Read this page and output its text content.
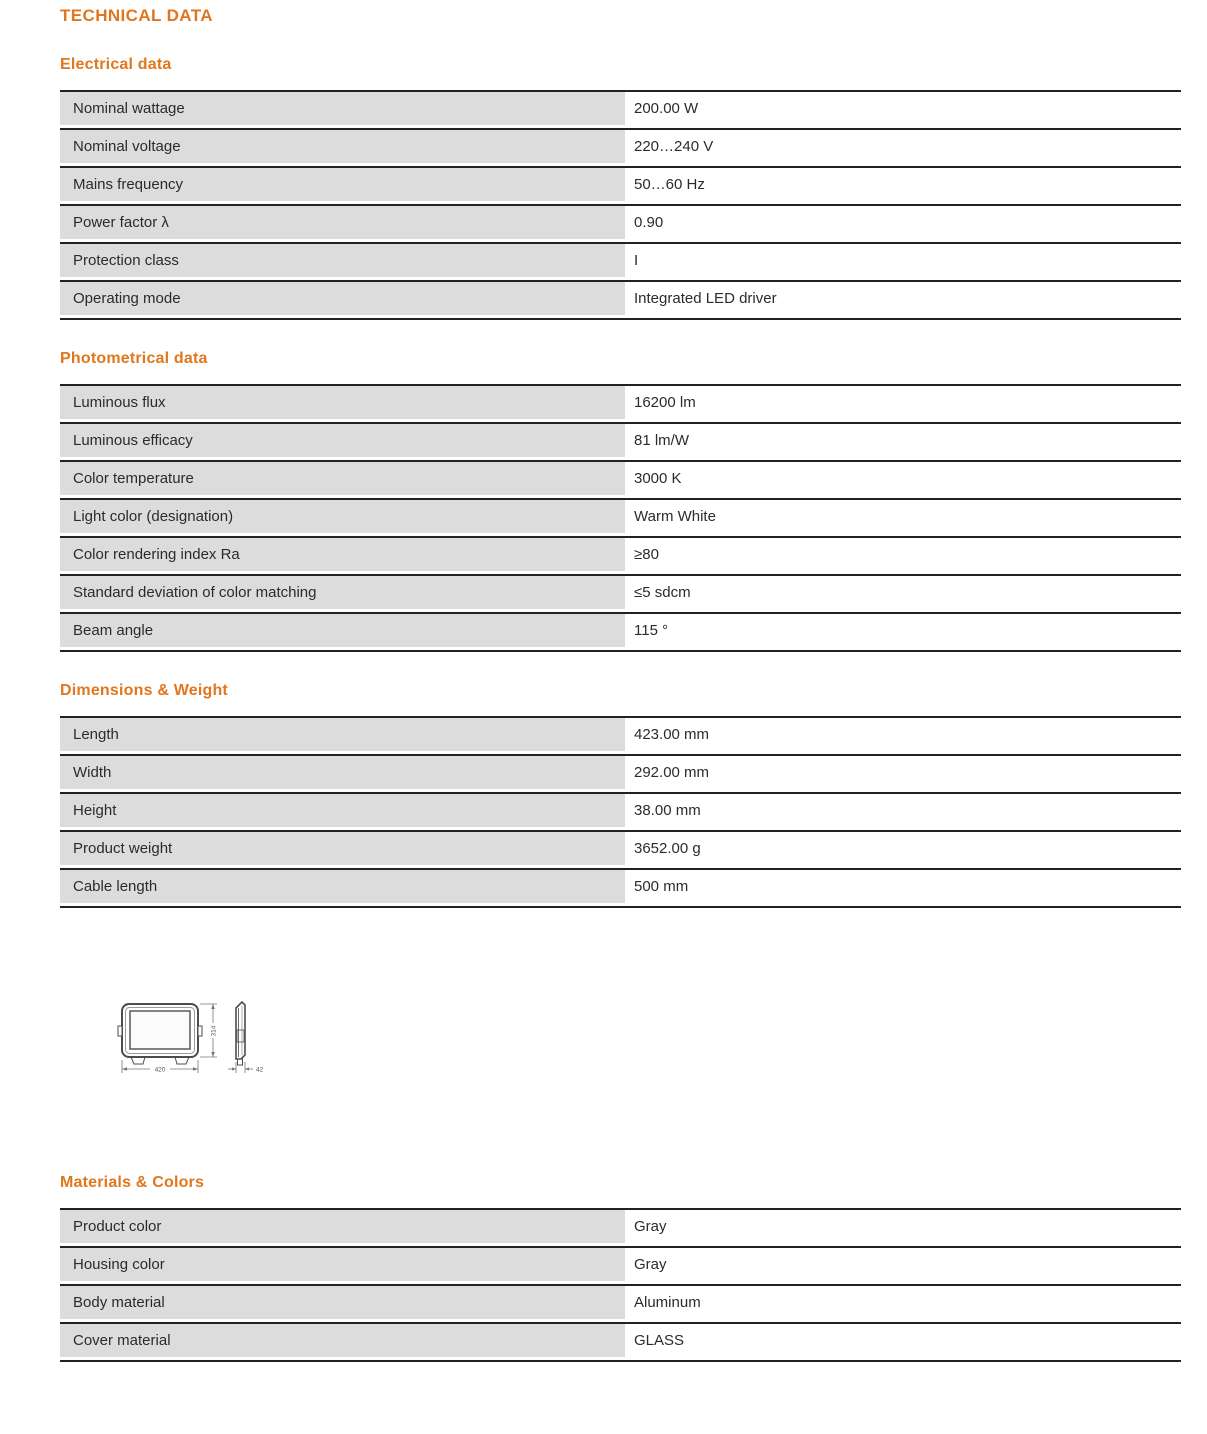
TECHNICAL DATA
Electrical data
Nominal wattage	200.00 W
Nominal voltage	220…240 V
Mains frequency	50…60 Hz
Power factor λ	0.90
Protection class	I
Operating mode	Integrated LED driver
Photometrical data
Luminous flux	16200 lm
Luminous efficacy	81 lm/W
Color temperature	3000 K
Light color (designation)	Warm White
Color rendering index Ra	≥80
Standard deviation of color matching	≤5 sdcm
Beam angle	115 °
Dimensions & Weight
Length	423.00 mm
Width	292.00 mm
Height	38.00 mm
Product weight	3652.00 g
Cable length	500 mm
420
314
42
Materials & Colors
Product color	Gray
Housing color	Gray
Body material	Aluminum
Cover material	GLASS
